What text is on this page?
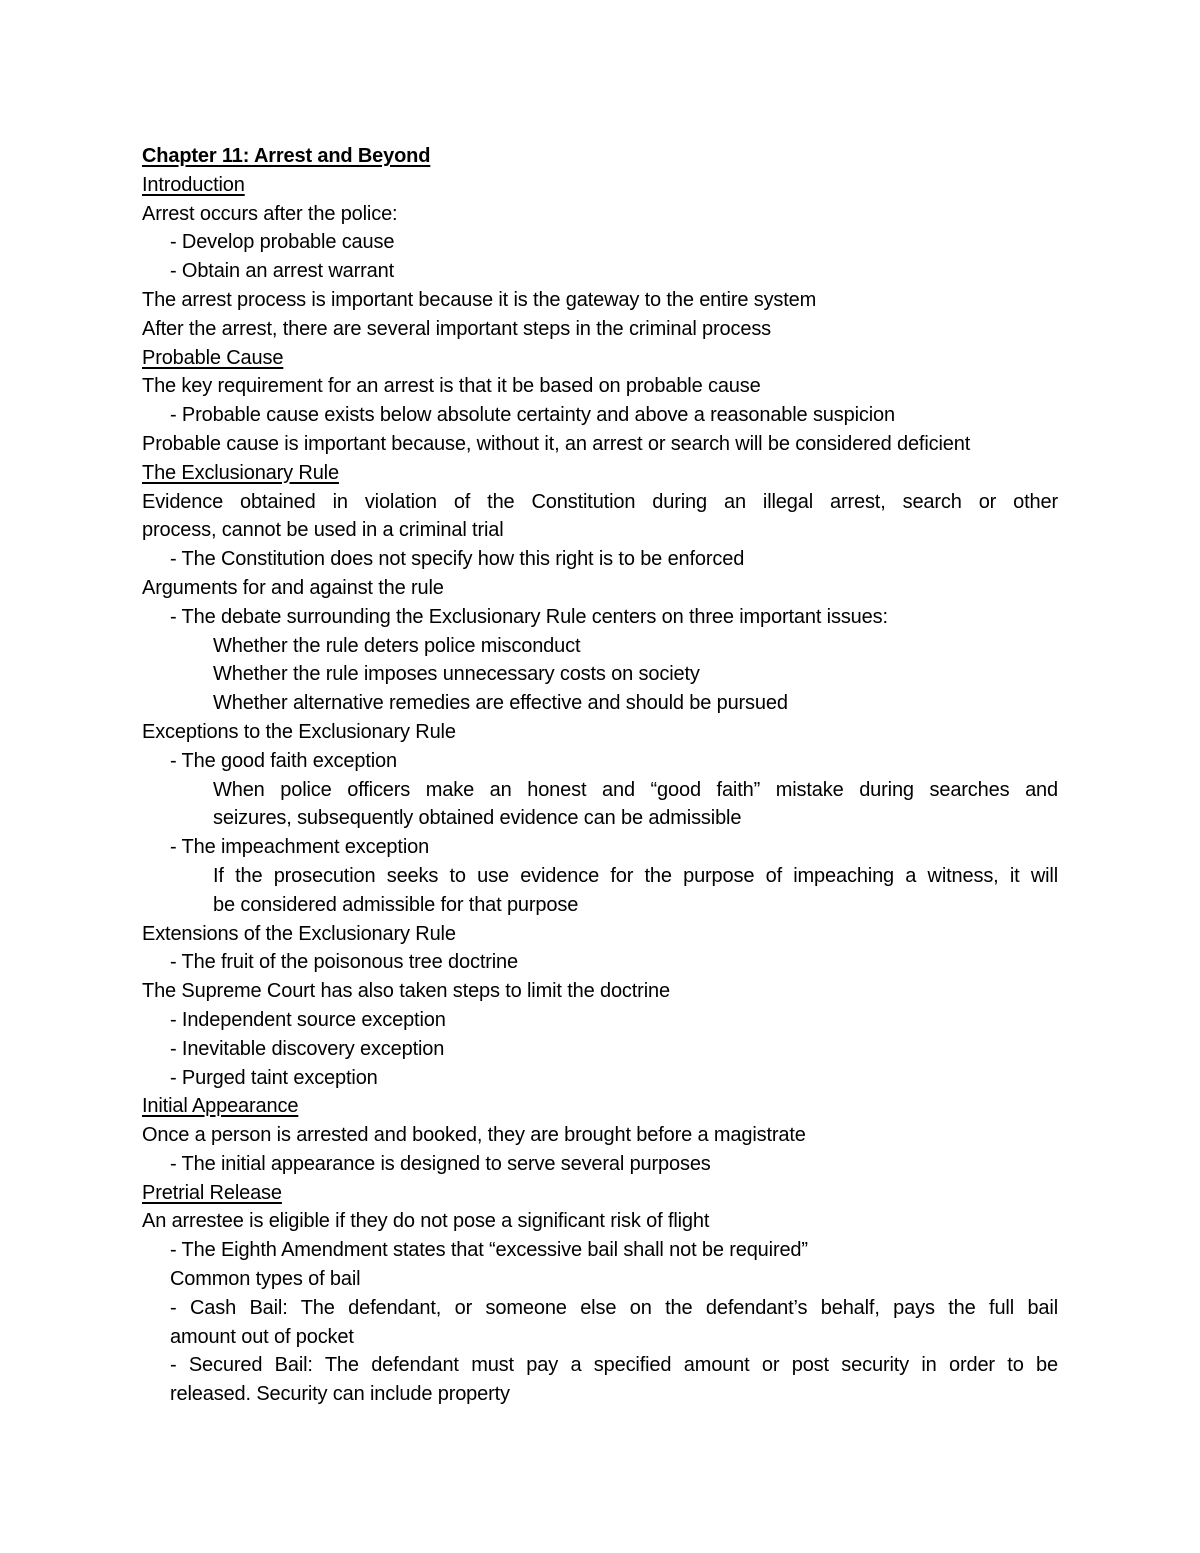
Chapter 11: Arrest and Beyond
Introduction
Arrest occurs after the police:
- Develop probable cause
- Obtain an arrest warrant
The arrest process is important because it is the gateway to the entire system
After the arrest, there are several important steps in the criminal process
Probable Cause
The key requirement for an arrest is that it be based on probable cause
- Probable cause exists below absolute certainty and above a reasonable suspicion
Probable cause is important because, without it, an arrest or search will be considered deficient
The Exclusionary Rule
Evidence obtained in violation of the Constitution during an illegal arrest, search or other
process, cannot be used in a criminal trial
- The Constitution does not specify how this right is to be enforced
Arguments for and against the rule
- The debate surrounding the Exclusionary Rule centers on three important issues:
Whether the rule deters police misconduct
Whether the rule imposes unnecessary costs on society
Whether alternative remedies are effective and should be pursued
Exceptions to the Exclusionary Rule
- The good faith exception
When police officers make an honest and “good faith” mistake during searches and
seizures, subsequently obtained evidence can be admissible
- The impeachment exception
If the prosecution seeks to use evidence for the purpose of impeaching a witness, it will
be considered admissible for that purpose
Extensions of the Exclusionary Rule
- The fruit of the poisonous tree doctrine
The Supreme Court has also taken steps to limit the doctrine
- Independent source exception
- Inevitable discovery exception
- Purged taint exception
Initial Appearance
Once a person is arrested and booked, they are brought before a magistrate
- The initial appearance is designed to serve several purposes
Pretrial Release
An arrestee is eligible if they do not pose a significant risk of flight
- The Eighth Amendment states that “excessive bail shall not be required”
Common types of bail
- Cash Bail: The defendant, or someone else on the defendant’s behalf, pays the full bail
amount out of pocket
- Secured Bail: The defendant must pay a specified amount or post security in order to be
released. Security can include property
